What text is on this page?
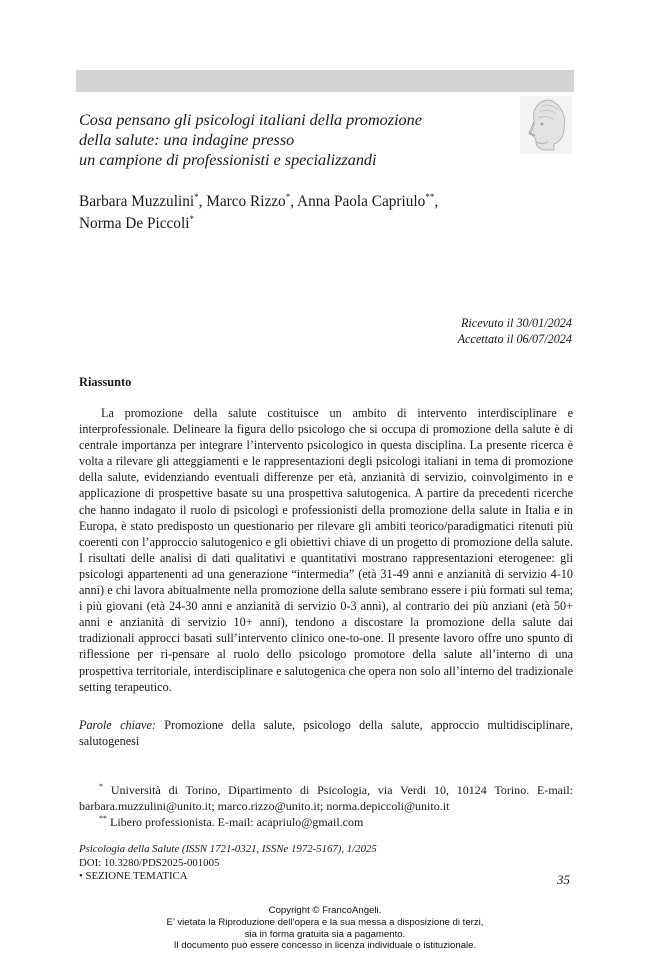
Cosa pensano gli psicologi italiani della promozione
della salute: una indagine presso
un campione di professionisti e specializzandi
Barbara Muzzulini*, Marco Rizzo*, Anna Paola Capriulo**,
Norma De Piccoli*
Ricevuto il 30/01/2024
Accettato il 06/07/2024
Riassunto

La promozione della salute costituisce un ambito di intervento interdisciplinare e interprofessionale. Delineare la figura dello psicologo che si occupa di promozione della salute è di centrale importanza per integrare l’intervento psicologico in questa disciplina. La presente ricerca è volta a rilevare gli atteggiamenti e le rappresentazioni degli psicologi italiani in tema di promozione della salute, evidenziando eventuali differenze per età, anzianità di servizio, coinvolgimento in e applicazione di prospettive basate su una prospettiva salutogenica. A partire da precedenti ricerche che hanno indagato il ruolo di psicologi e professionisti della promozione della salute in Italia e in Europa, è stato predisposto un questionario per rilevare gli ambiti teorico/paradigmatici ritenuti più coerenti con l’approccio salutogenico e gli obiettivi chiave di un progetto di promozione della salute. I risultati delle analisi di dati qualitativi e quantitativi mostrano rappresentazioni eterogenee: gli psicologi appartenenti ad una generazione “intermedia” (età 31-49 anni e anzianità di servizio 4-10 anni) e chi lavora abitualmente nella promozione della salute sembrano essere i più formati sul tema; i più giovani (età 24-30 anni e anzianità di servizio 0-3 anni), al contrario dei più anziani (età 50+ anni e anzianità di servizio 10+ anni), tendono a discostare la promozione della salute dai tradizionali approcci basati sull’intervento clinico one-to-one. Il presente lavoro offre uno spunto di riflessione per ri-pensare al ruolo dello psicologo promotore della salute all’interno di una prospettiva territoriale, interdisciplinare e salutogenica che opera non solo all’interno del tradizionale setting terapeutico.

Parole chiave: Promozione della salute, psicologo della salute, approccio multidisciplinare, salutogenesi

* Università di Torino, Dipartimento di Psicologia, via Verdi 10, 10124 Torino. E-mail: barbara.muzzulini@unito.it; marco.rizzo@unito.it; norma.depiccoli@unito.it

** Libero professionista. E-mail: acapriulo@gmail.com

Psicologia della Salute (ISSN 1721-0321, ISSNe 1972-5167), 1/2025
DOI: 10.3280/PDS2025-001005
• SEZIONE TEMATICA	35
Copyright © FrancoAngeli.
E’ vietata la Riproduzione dell’opera e la sua messa a disposizione di terzi,
sia in forma gratuita sia a pagamento.
Il documento può essere concesso in licenza individuale o istituzionale.
